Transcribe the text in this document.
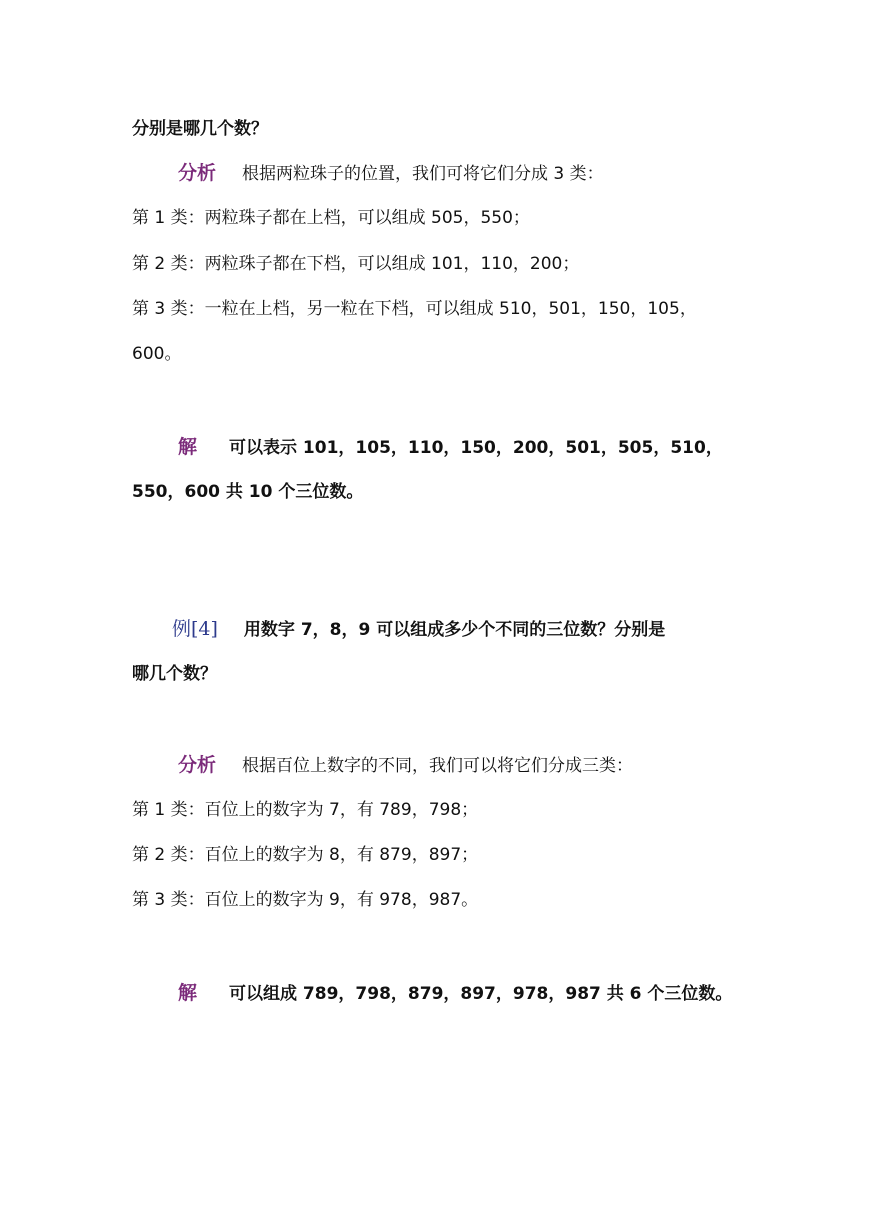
分别是哪几个数？
分析 根据两粒珠子的位置，我们可将它们分成 3 类：
第 1 类：两粒珠子都在上档，可以组成 505，550；
第 2 类：两粒珠子都在下档，可以组成 101，110，200；
第 3 类：一粒在上档，另一粒在下档，可以组成 510，501，150，105，
600。
解 可以表示 101，105，110，150，200，501，505，510，
550，600 共 10 个三位数。
例[4] 用数字 7，8，9 可以组成多少个不同的三位数？分别是
哪几个数？
分析 根据百位上数字的不同，我们可以将它们分成三类：
第 1 类：百位上的数字为 7，有 789，798；
第 2 类：百位上的数字为 8，有 879，897；
第 3 类：百位上的数字为 9，有 978，987。
解 可以组成 789，798，879，897，978，987 共 6 个三位数。
